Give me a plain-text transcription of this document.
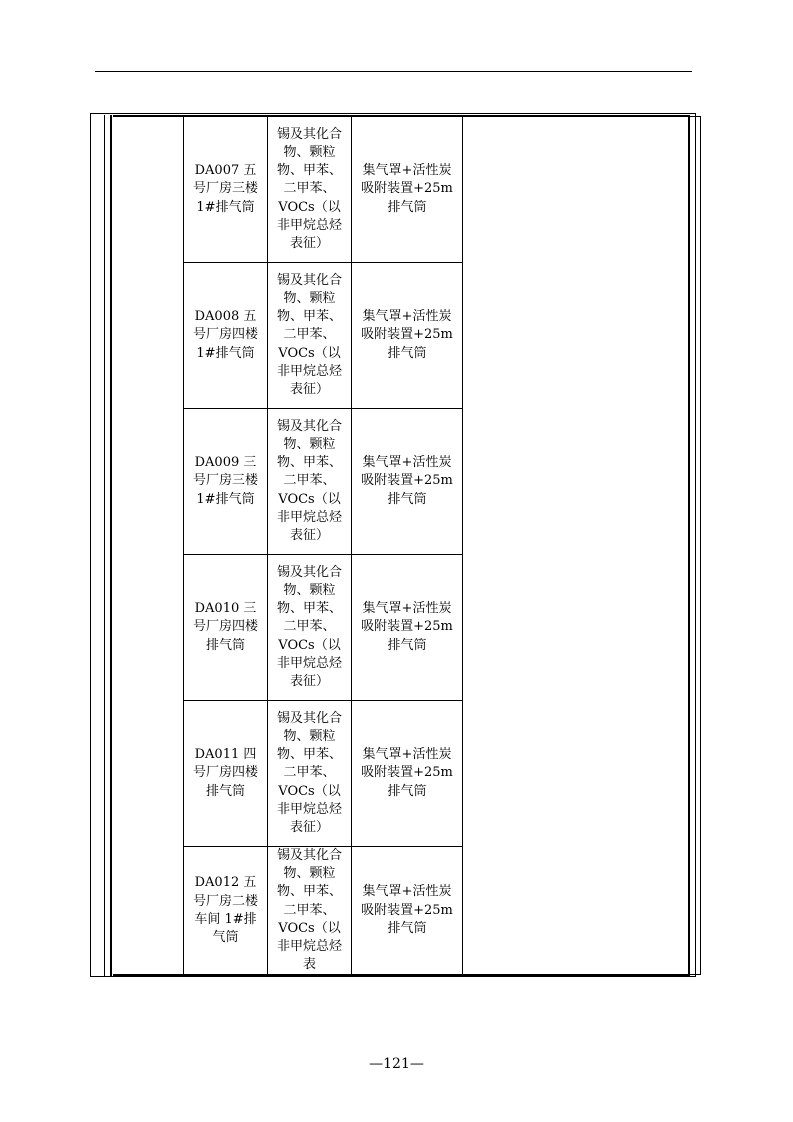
DA007 五号厂房三楼 1#排气筒	锡及其化合物、颗粒物、甲苯、二甲苯、VOCs（以非甲烷总烃表征）	集气罩+活性炭吸附装置+25m排气筒	
DA008 五号厂房四楼 1#排气筒	锡及其化合物、颗粒物、甲苯、二甲苯、VOCs（以非甲烷总烃表征）	集气罩+活性炭吸附装置+25m排气筒	
DA009 三号厂房三楼 1#排气筒	锡及其化合物、颗粒物、甲苯、二甲苯、VOCs（以非甲烷总烃表征）	集气罩+活性炭吸附装置+25m排气筒	
DA010 三号厂房四楼排气筒	锡及其化合物、颗粒物、甲苯、二甲苯、VOCs（以非甲烷总烃表征）	集气罩+活性炭吸附装置+25m排气筒	
DA011 四号厂房四楼排气筒	锡及其化合物、颗粒物、甲苯、二甲苯、VOCs（以非甲烷总烃表征）	集气罩+活性炭吸附装置+25m排气筒	
DA012 五号厂房二楼车间 1#排气筒	锡及其化合物、颗粒物、甲苯、二甲苯、VOCs（以非甲烷总烃表	集气罩+活性炭吸附装置+25m排气筒	
—121—
